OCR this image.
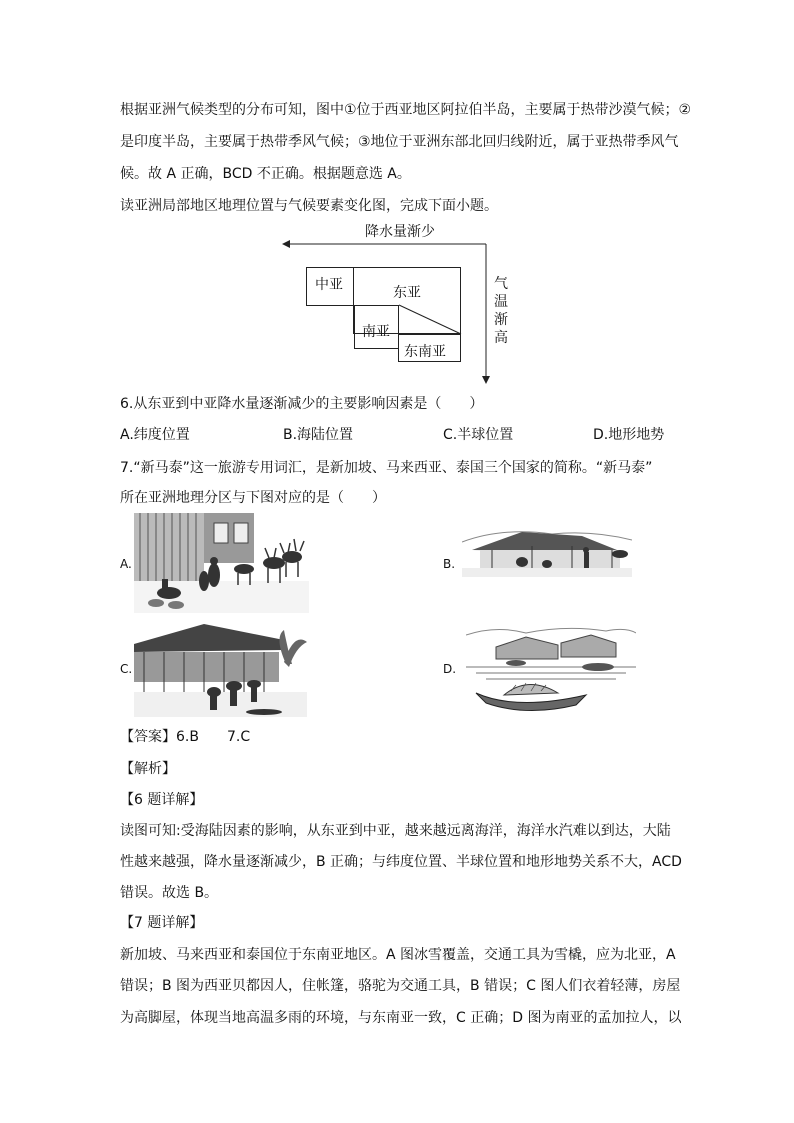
根据亚洲气候类型的分布可知，图中①位于西亚地区阿拉伯半岛，主要属于热带沙漠气候；②
是印度半岛，主要属于热带季风气候；③地位于亚洲东部北回归线附近，属于亚热带季风气
候。故 A 正确，BCD 不正确。根据题意选 A。
读亚洲局部地区地理位置与气候要素变化图，完成下面小题。
降水量渐少
气
温
渐
高
中亚	东亚
南亚
东南亚
6.从东亚到中亚降水量逐渐减少的主要影响因素是（　　）
A.纬度位置	B.海陆位置	C.半球位置	D.地形地势
7.“新马泰”这一旅游专用词汇，是新加坡、马来西亚、泰国三个国家的简称。“新马泰”
所在亚洲地理分区与下图对应的是（　　）
A.	B.
C.	D.
【答案】6.B　　7.C
【解析】
【6 题详解】
读图可知:受海陆因素的影响，从东亚到中亚，越来越远离海洋，海洋水汽难以到达，大陆
性越来越强，降水量逐渐减少，B 正确；与纬度位置、半球位置和地形地势关系不大，ACD
错误。故选 B。
【7 题详解】
新加坡、马来西亚和泰国位于东南亚地区。A 图冰雪覆盖，交通工具为雪橇，应为北亚，A
错误；B 图为西亚贝都因人，住帐篷，骆驼为交通工具，B 错误；C 图人们衣着轻薄，房屋
为高脚屋，体现当地高温多雨的环境，与东南亚一致，C 正确；D 图为南亚的孟加拉人，以
